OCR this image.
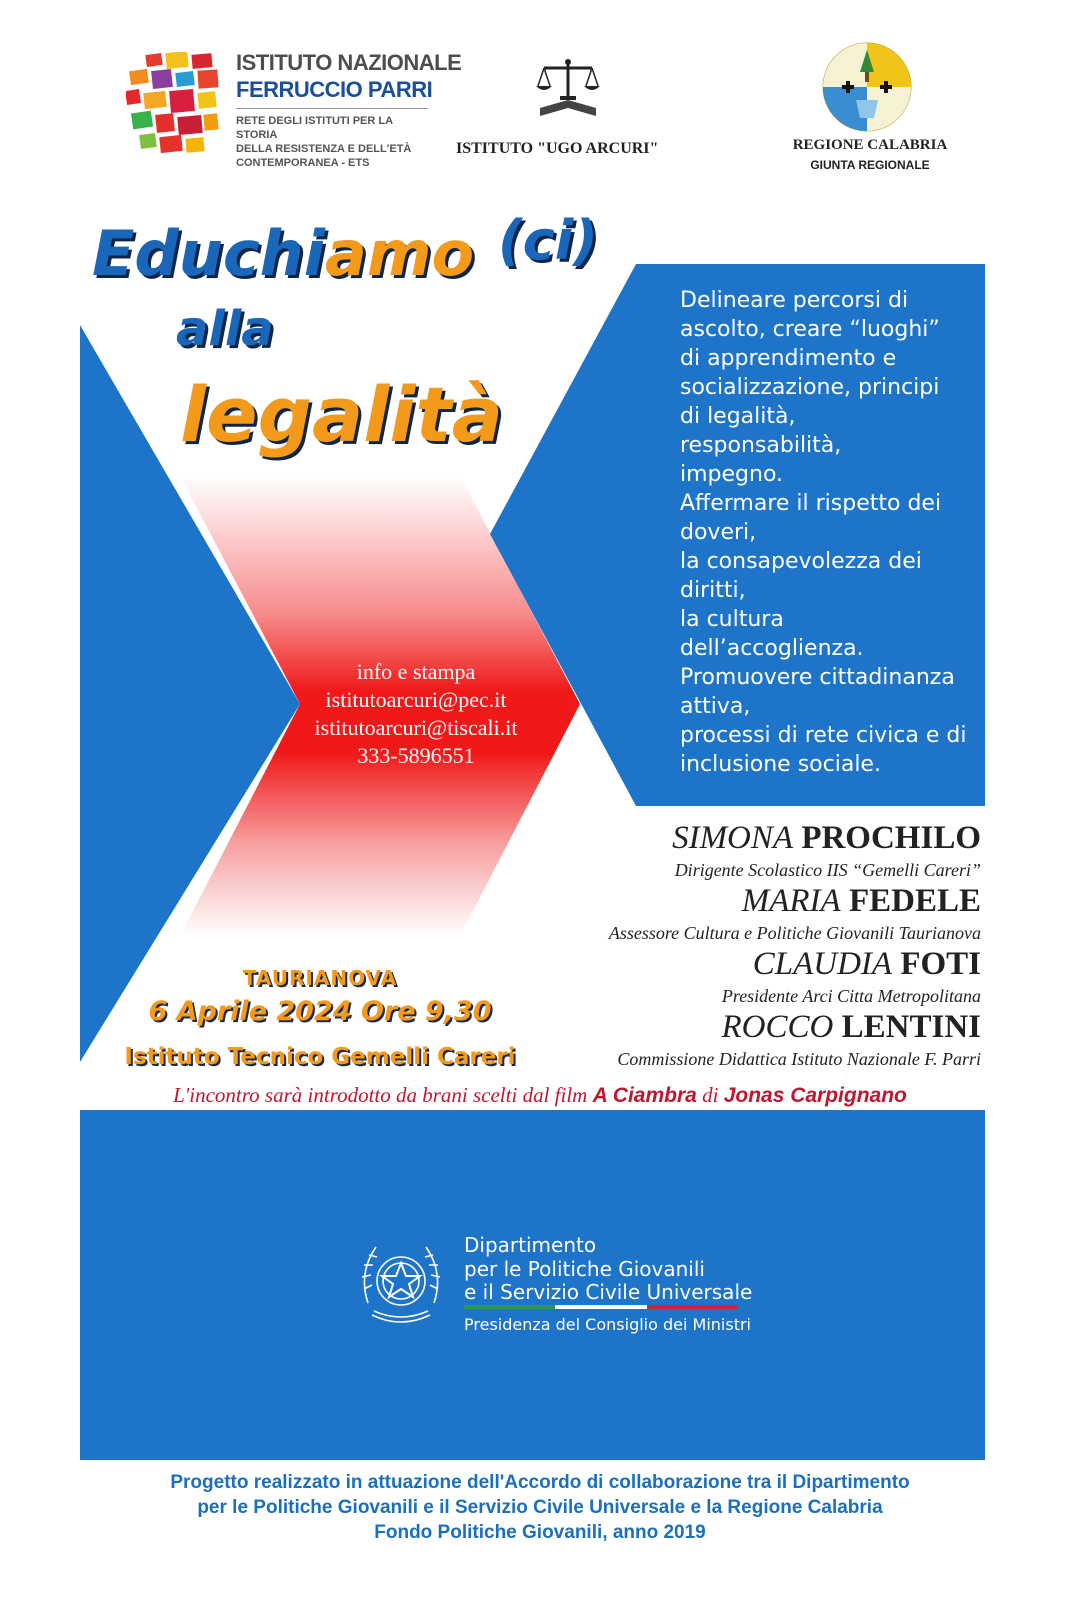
ISTITUTO NAZIONALE
FERRUCCIO PARRI
RETE DEGLI ISTITUTI PER LA STORIA
DELLA RESISTENZA E DELL'ETÀ
CONTEMPORANEA - ETS
ISTITUTO "UGO ARCURI"	REGIONE CALABRIA
GIUNTA REGIONALE
Educhiamo (ci)
alla
legalità
info e stampa
istitutoarcuri@pec.it
istitutoarcuri@tiscali.it
333-5896551
Delineare percorsi di
ascolto, creare “luoghi”
di apprendimento e
socializzazione, principi
di legalità,
responsabilità,
impegno.
Affermare il rispetto dei
doveri,
la consapevolezza dei
diritti,
la cultura
dell’accoglienza.
Promuovere cittadinanza
attiva,
processi di rete civica e di
inclusione sociale.
SIMONA PROCHILO
Dirigente Scolastico IIS “Gemelli Careri”
MARIA FEDELE
Assessore Cultura e Politiche Giovanili Taurianova
CLAUDIA FOTI
Presidente Arci Citta Metropolitana
ROCCO LENTINI
Commissione Didattica Istituto Nazionale F. Parri
TAURIANOVA
6 Aprile 2024 Ore 9,30
Istituto Tecnico Gemelli Careri
L'incontro sarà introdotto da brani scelti dal film A Ciambra di Jonas Carpignano
Dipartimento
per le Politiche Giovanili
e il Servizio Civile Universale
Presidenza del Consiglio dei Ministri
Progetto realizzato in attuazione dell'Accordo di collaborazione tra il Dipartimento
per le Politiche Giovanili e il Servizio Civile Universale e la Regione Calabria
Fondo Politiche Giovanili, anno 2019
